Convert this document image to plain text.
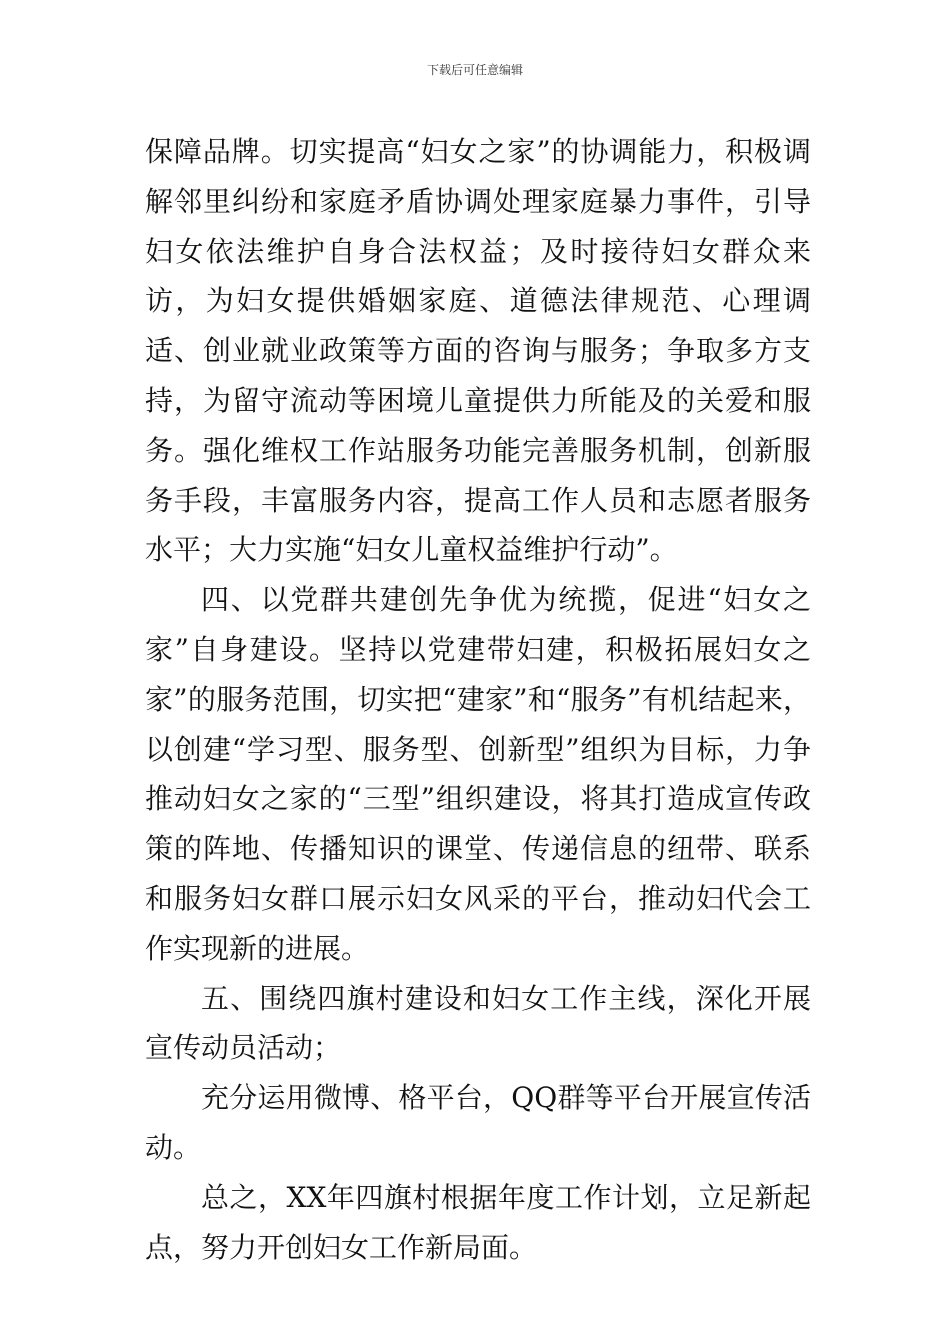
下载后可任意编辑

保障品牌。切实提高“妇女之家”的协调能力，积极调解邻里纠纷和家庭矛盾协调处理家庭暴力事件，引导妇女依法维护自身合法权益；及时接待妇女群众来访，为妇女提供婚姻家庭、道德法律规范、心理调适、创业就业政策等方面的咨询与服务；争取多方支持，为留守流动等困境儿童提供力所能及的关爱和服务。强化维权工作站服务功能完善服务机制，创新服务手段，丰富服务内容，提高工作人员和志愿者服务水平；大力实施“妇女儿童权益维护行动”。

四、以党群共建创先争优为统揽，促进“妇女之家”自身建设。坚持以党建带妇建，积极拓展妇女之家”的服务范围，切实把“建家”和“服务”有机结起来，以创建“学习型、服务型、创新型”组织为目标，力争推动妇女之家的“三型”组织建设，将其打造成宣传政策的阵地、传播知识的课堂、传递信息的纽带、联系和服务妇女群口展示妇女风采的平台，推动妇代会工作实现新的进展。

五、围绕四旗村建设和妇女工作主线，深化开展宣传动员活动；

充分运用微博、格平台，QQ群等平台开展宣传活动。

总之，XX年四旗村根据年度工作计划，立足新起点，努力开创妇女工作新局面。
